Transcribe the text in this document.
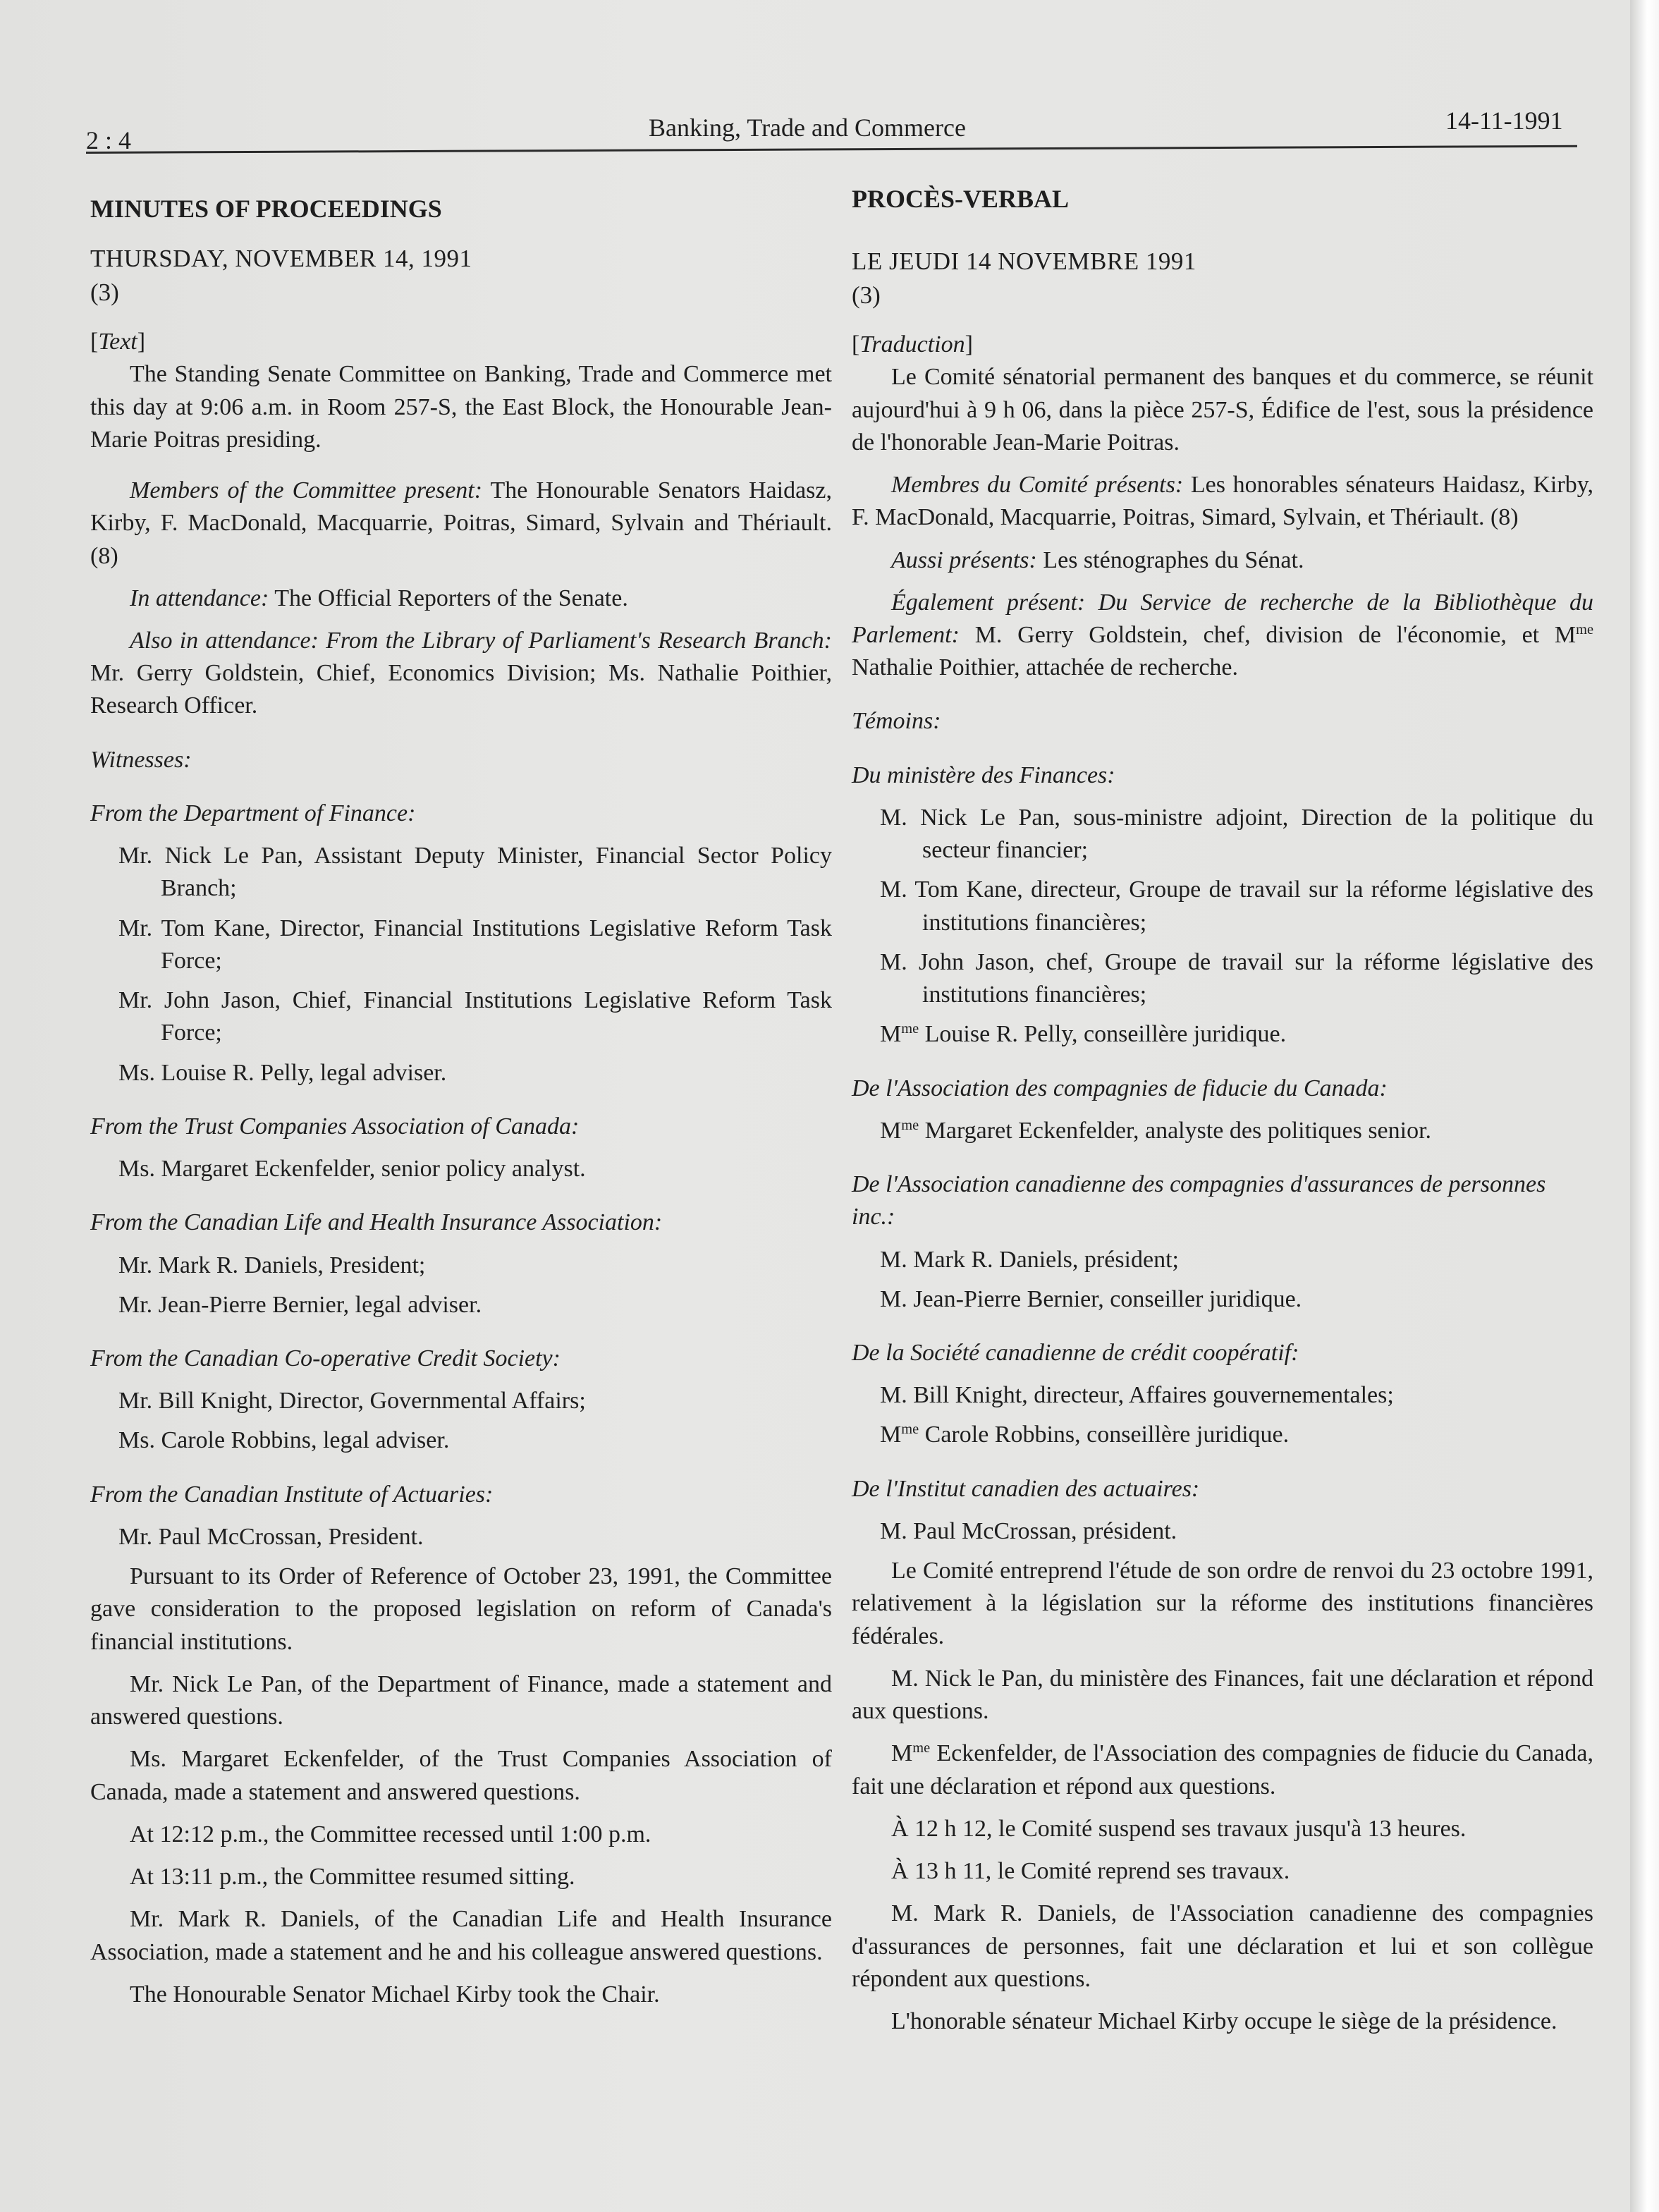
2 : 4	Banking, Trade and Commerce	14-11-1991
MINUTES OF PROCEEDINGS
THURSDAY, NOVEMBER 14, 1991
(3)
[Text]

The Standing Senate Committee on Banking, Trade and Commerce met this day at 9:06 a.m. in Room 257-S, the East Block, the Honourable Jean-Marie Poitras presiding.

Members of the Committee present: The Honourable Senators Haidasz, Kirby, F. MacDonald, Macquarrie, Poitras, Simard, Sylvain and Thériault. (8)

In attendance: The Official Reporters of the Senate.

Also in attendance: From the Library of Parliament's Research Branch: Mr. Gerry Goldstein, Chief, Economics Division; Ms. Nathalie Poithier, Research Officer.

Witnesses:
From the Department of Finance:

Mr. Nick Le Pan, Assistant Deputy Minister, Financial Sector Policy Branch;

Mr. Tom Kane, Director, Financial Institutions Legislative Reform Task Force;

Mr. John Jason, Chief, Financial Institutions Legislative Reform Task Force;

Ms. Louise R. Pelly, legal adviser.

From the Trust Companies Association of Canada:

Ms. Margaret Eckenfelder, senior policy analyst.

From the Canadian Life and Health Insurance Association:

Mr. Mark R. Daniels, President;

Mr. Jean-Pierre Bernier, legal adviser.

From the Canadian Co-operative Credit Society:

Mr. Bill Knight, Director, Governmental Affairs;

Ms. Carole Robbins, legal adviser.

From the Canadian Institute of Actuaries:

Mr. Paul McCrossan, President.

Pursuant to its Order of Reference of October 23, 1991, the Committee gave consideration to the proposed legislation on reform of Canada's financial institutions.

Mr. Nick Le Pan, of the Department of Finance, made a statement and answered questions.

Ms. Margaret Eckenfelder, of the Trust Companies Association of Canada, made a statement and answered questions.

At 12:12 p.m., the Committee recessed until 1:00 p.m.

At 13:11 p.m., the Committee resumed sitting.

Mr. Mark R. Daniels, of the Canadian Life and Health Insurance Association, made a statement and he and his colleague answered questions.

The Honourable Senator Michael Kirby took the Chair.

PROCÈS-VERBAL
LE JEUDI 14 NOVEMBRE 1991
(3)
[Traduction]

Le Comité sénatorial permanent des banques et du commerce, se réunit aujourd'hui à 9 h 06, dans la pièce 257-S, Édifice de l'est, sous la présidence de l'honorable Jean-Marie Poitras.

Membres du Comité présents: Les honorables sénateurs Haidasz, Kirby, F. MacDonald, Macquarrie, Poitras, Simard, Sylvain, et Thériault. (8)

Aussi présents: Les sténographes du Sénat.

Également présent: Du Service de recherche de la Bibliothèque du Parlement: M. Gerry Goldstein, chef, division de l'économie, et $M^{me}$ Nathalie Poithier, attachée de recherche.

Témoins:
Du ministère des Finances:

M. Nick Le Pan, sous-ministre adjoint, Direction de la politique du secteur financier;

M. Tom Kane, directeur, Groupe de travail sur la réforme législative des institutions financières;

M. John Jason, chef, Groupe de travail sur la réforme législative des institutions financières;

$M^{me}$ Louise R. Pelly, conseillère juridique.

De l'Association des compagnies de fiducie du Canada:

$M^{me}$ Margaret Eckenfelder, analyste des politiques senior.

De l'Association canadienne des compagnies d'assurances de personnes inc.:

M. Mark R. Daniels, président;

M. Jean-Pierre Bernier, conseiller juridique.

De la Société canadienne de crédit coopératif:

M. Bill Knight, directeur, Affaires gouvernementales;

$M^{me}$ Carole Robbins, conseillère juridique.

De l'Institut canadien des actuaires:

M. Paul McCrossan, président.

Le Comité entreprend l'étude de son ordre de renvoi du 23 octobre 1991, relativement à la législation sur la réforme des institutions financières fédérales.

M. Nick le Pan, du ministère des Finances, fait une déclaration et répond aux questions.

$M^{me}$ Eckenfelder, de l'Association des compagnies de fiducie du Canada, fait une déclaration et répond aux questions.

À 12 h 12, le Comité suspend ses travaux jusqu'à 13 heures.

À 13 h 11, le Comité reprend ses travaux.

M. Mark R. Daniels, de l'Association canadienne des compagnies d'assurances de personnes, fait une déclaration et lui et son collègue répondent aux questions.

L'honorable sénateur Michael Kirby occupe le siège de la présidence.
